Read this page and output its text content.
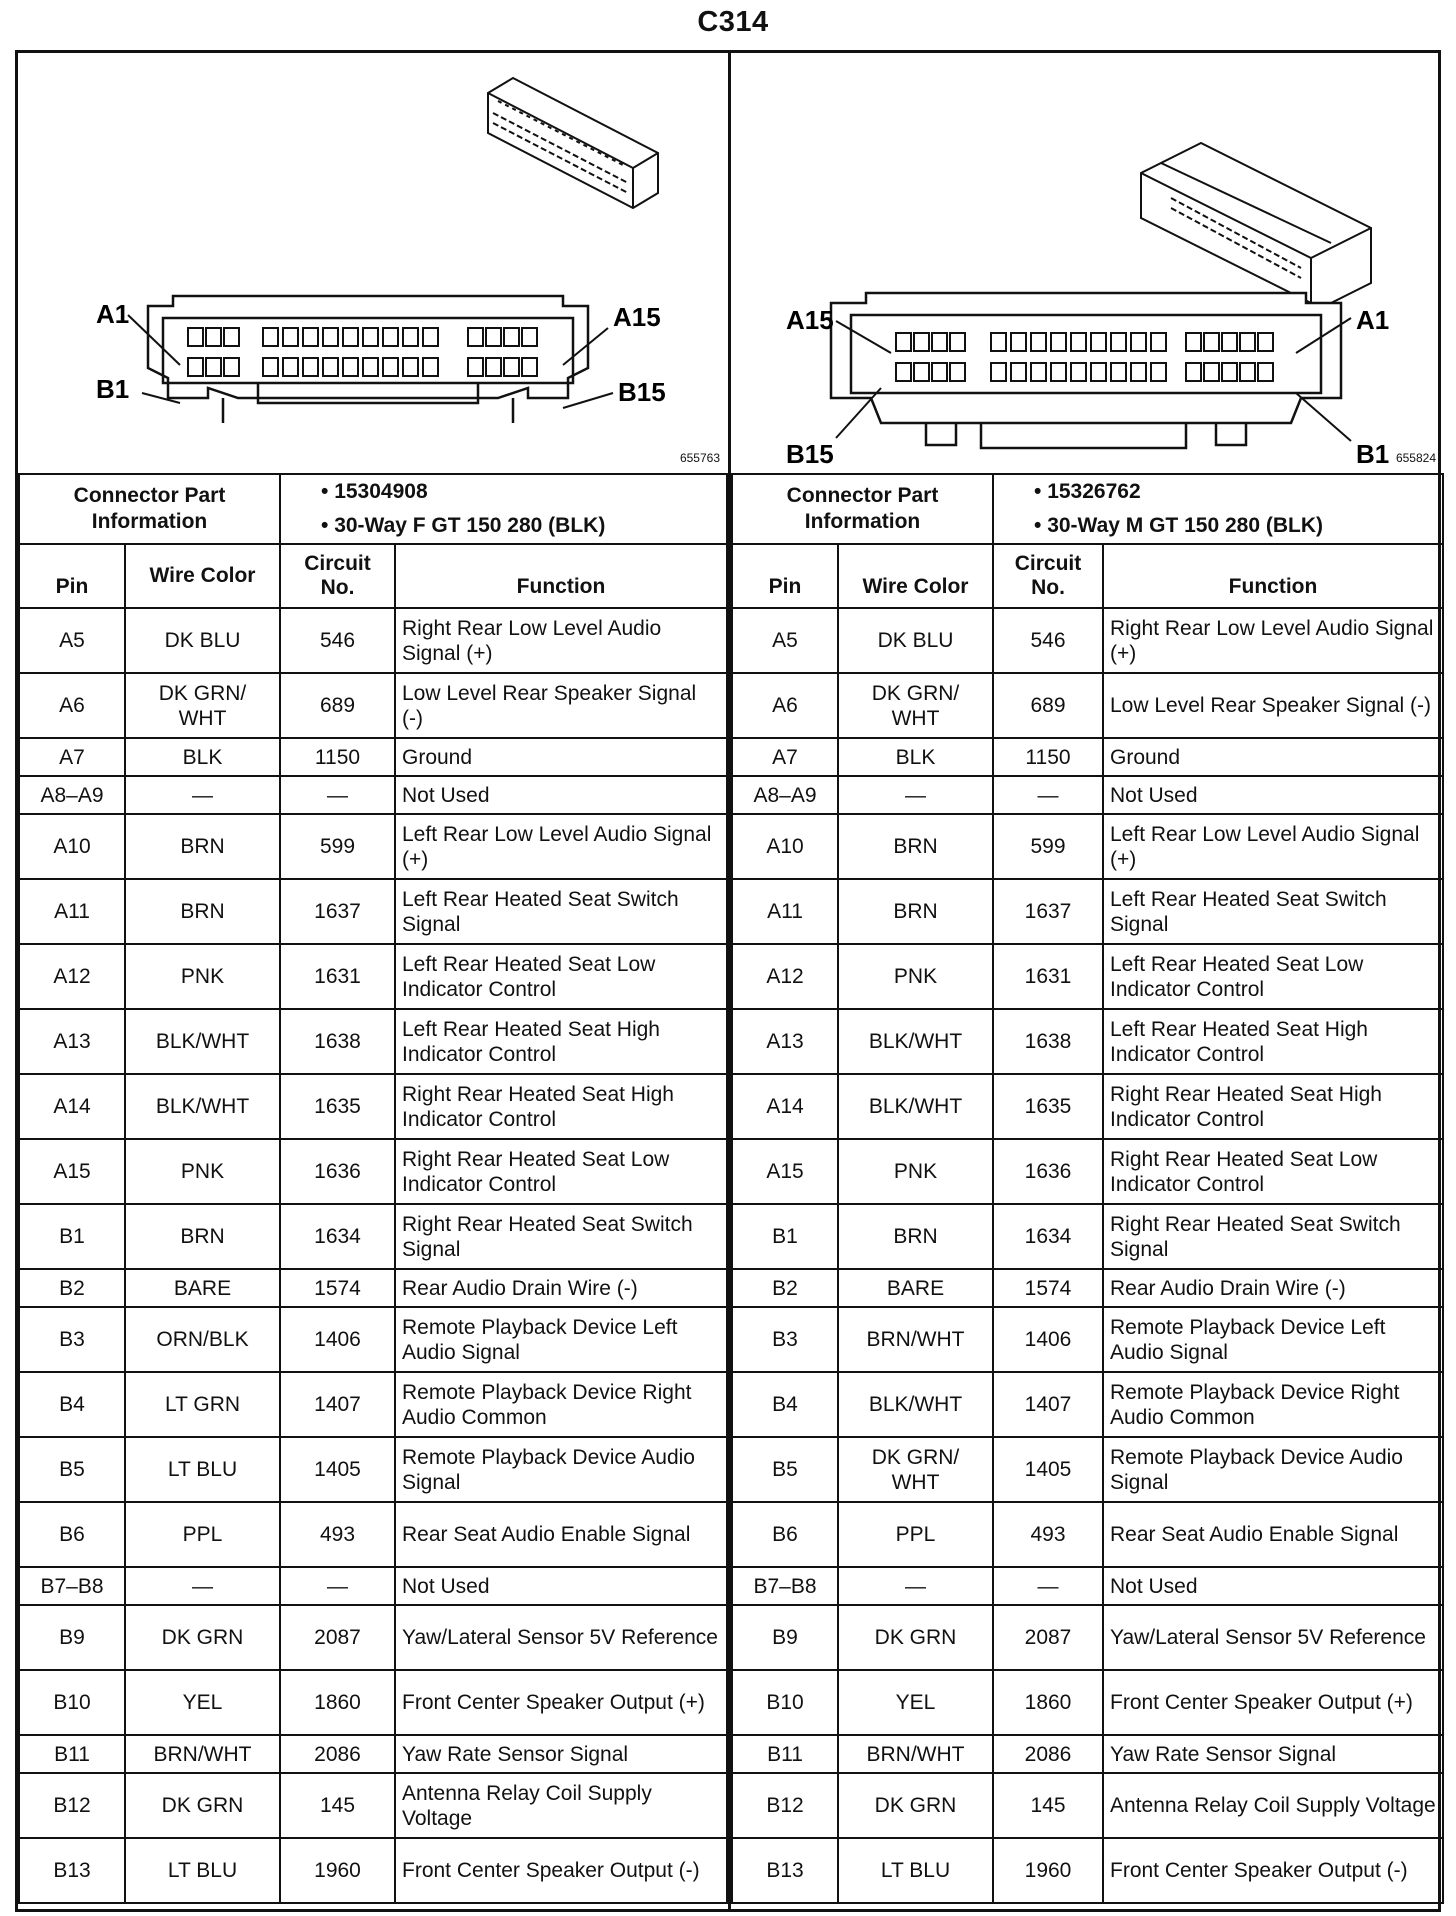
C314
A1
B1
A15
B15
655763
Connector Part Information	
• 15304908
• 30-Way F GT 150 280 (BLK)
Pin	Wire Color	Circuit No.	Function
A5	DK BLU	546	Right Rear Low Level Audio Signal (+)
A6	DK GRN/ WHT	689	Low Level Rear Speaker Signal (-)
A7	BLK	1150	Ground
A8–A9	—	—	Not Used
A10	BRN	599	Left Rear Low Level Audio Signal (+)
A11	BRN	1637	Left Rear Heated Seat Switch Signal
A12	PNK	1631	Left Rear Heated Seat Low Indicator Control
A13	BLK/WHT	1638	Left Rear Heated Seat High Indicator Control
A14	BLK/WHT	1635	Right Rear Heated Seat High Indicator Control
A15	PNK	1636	Right Rear Heated Seat Low Indicator Control
B1	BRN	1634	Right Rear Heated Seat Switch Signal
B2	BARE	1574	Rear Audio Drain Wire (-)
B3	ORN/BLK	1406	Remote Playback Device Left Audio Signal
B4	LT GRN	1407	Remote Playback Device Right Audio Common
B5	LT BLU	1405	Remote Playback Device Audio Signal
B6	PPL	493	Rear Seat Audio Enable Signal
B7–B8	—	—	Not Used
B9	DK GRN	2087	Yaw/Lateral Sensor 5V Reference
B10	YEL	1860	Front Center Speaker Output (+)
B11	BRN/WHT	2086	Yaw Rate Sensor Signal
B12	DK GRN	145	Antenna Relay Coil Supply Voltage
B13	LT BLU	1960	Front Center Speaker Output (-)
A15	A1
B15	B1 655824
Connector Part Information	
• 15326762
• 30-Way M GT 150 280 (BLK)
Pin	Wire Color	Circuit No.	Function
A5	DK BLU	546	Right Rear Low Level Audio Signal (+)
A6	DK GRN/ WHT	689	Low Level Rear Speaker Signal (-)
A7	BLK	1150	Ground
A8–A9	—	—	Not Used
A10	BRN	599	Left Rear Low Level Audio Signal (+)
A11	BRN	1637	Left Rear Heated Seat Switch Signal
A12	PNK	1631	Left Rear Heated Seat Low Indicator Control
A13	BLK/WHT	1638	Left Rear Heated Seat High Indicator Control
A14	BLK/WHT	1635	Right Rear Heated Seat High Indicator Control
A15	PNK	1636	Right Rear Heated Seat Low Indicator Control
B1	BRN	1634	Right Rear Heated Seat Switch Signal
B2	BARE	1574	Rear Audio Drain Wire (-)
B3	BRN/WHT	1406	Remote Playback Device Left Audio Signal
B4	BLK/WHT	1407	Remote Playback Device Right Audio Common
B5	DK GRN/ WHT	1405	Remote Playback Device Audio Signal
B6	PPL	493	Rear Seat Audio Enable Signal
B7–B8	—	—	Not Used
B9	DK GRN	2087	Yaw/Lateral Sensor 5V Reference
B10	YEL	1860	Front Center Speaker Output (+)
B11	BRN/WHT	2086	Yaw Rate Sensor Signal
B12	DK GRN	145	Antenna Relay Coil Supply Voltage
B13	LT BLU	1960	Front Center Speaker Output (-)
